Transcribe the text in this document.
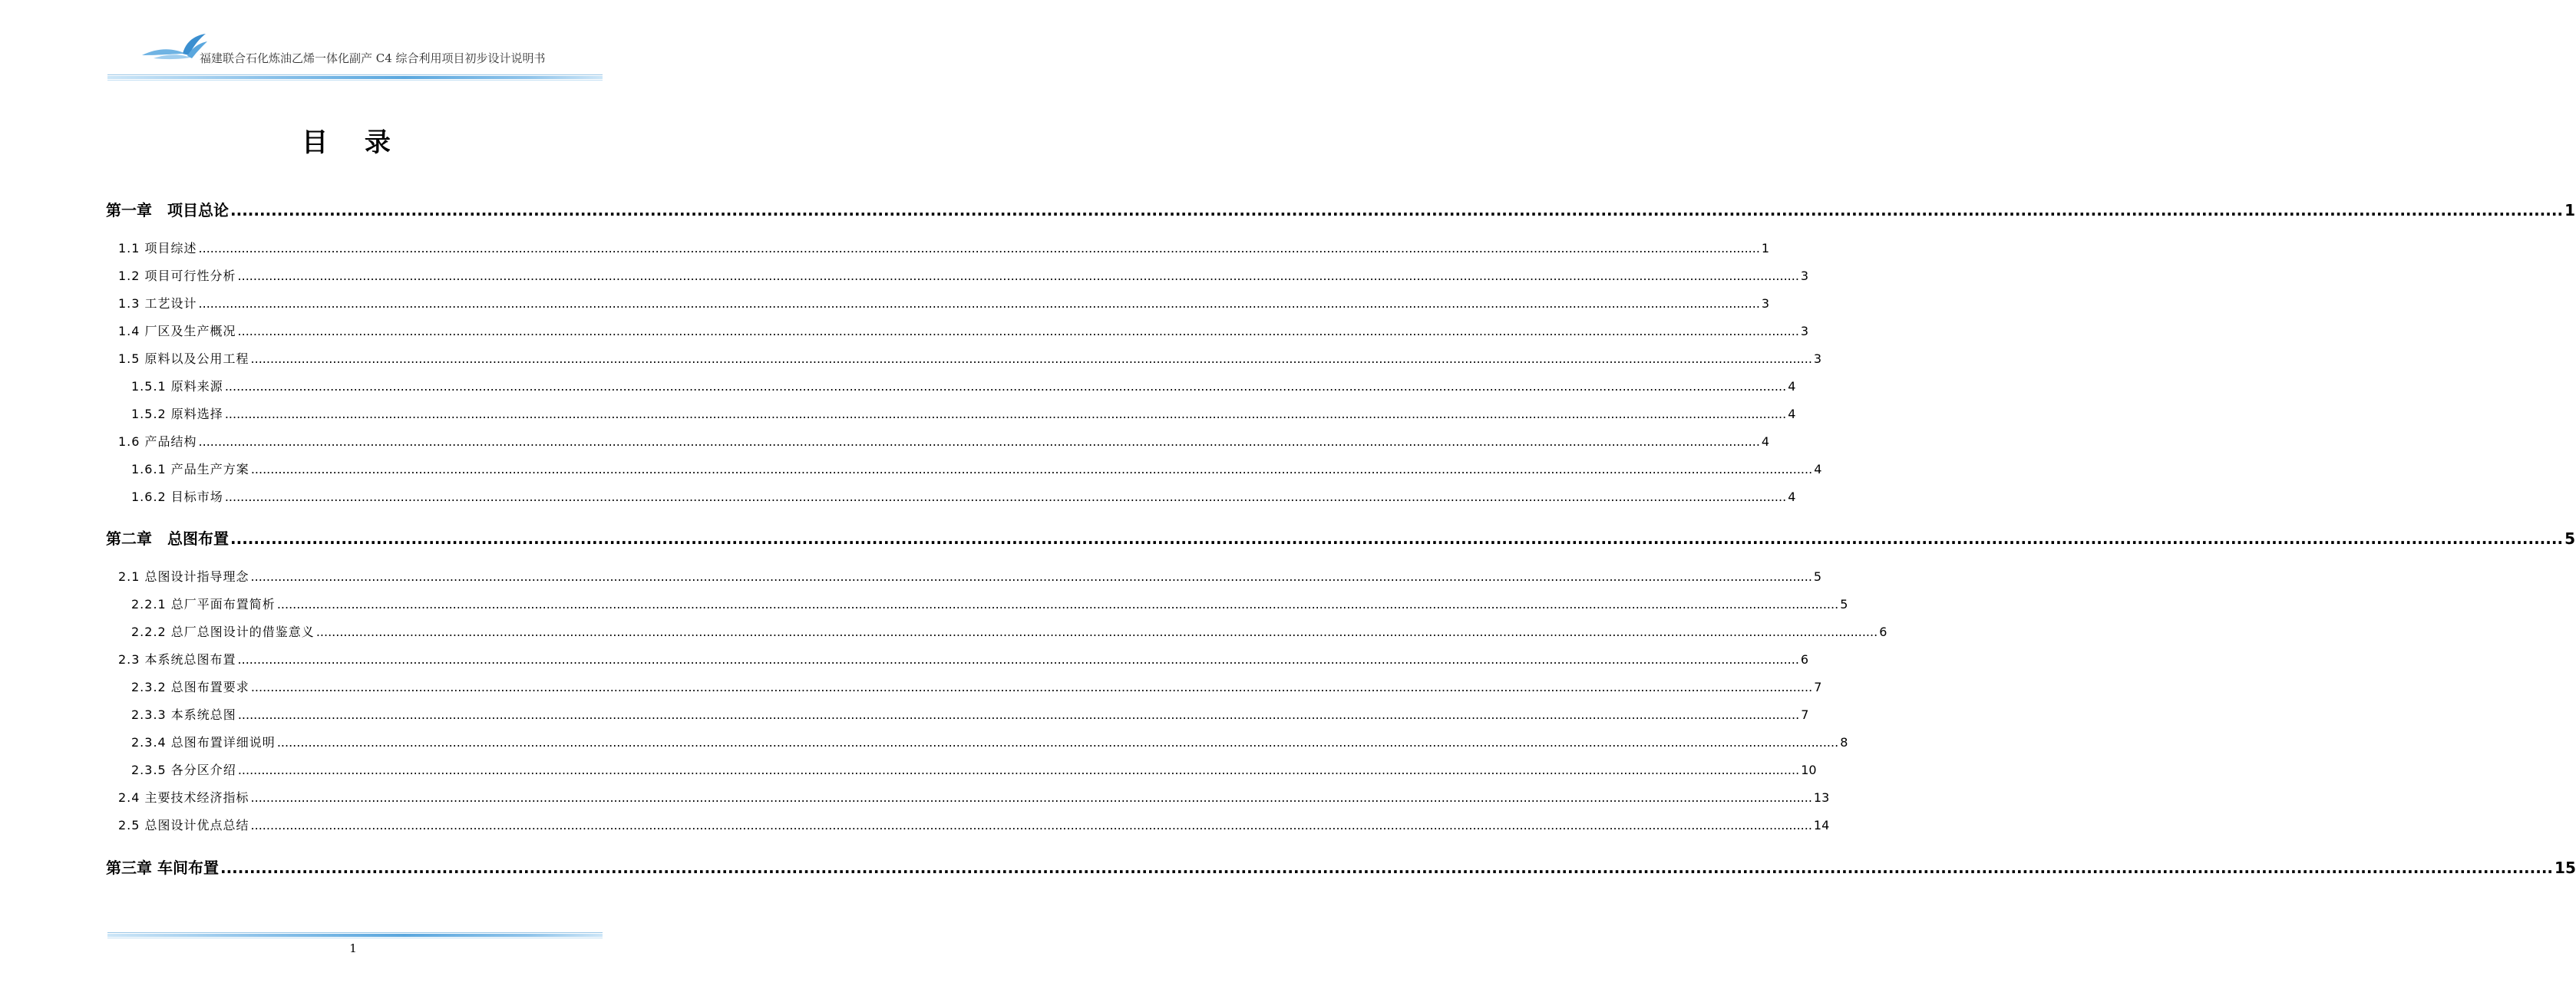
福建联合石化炼油乙烯一体化副产 C4 综合利用项目初步设计说明书
目 录
第一章　项目总论 ................................................................................................................................................................................................................................................................................................................................................................................................................ 1
1.1 项目综述 ................................................................................................................................................................................................................................................................................................................................................................................................................ 1
1.2 项目可行性分析 ................................................................................................................................................................................................................................................................................................................................................................................................................ 3
1.3 工艺设计 ................................................................................................................................................................................................................................................................................................................................................................................................................ 3
1.4 厂区及生产概况 ................................................................................................................................................................................................................................................................................................................................................................................................................ 3
1.5 原料以及公用工程 ................................................................................................................................................................................................................................................................................................................................................................................................................ 3
1.5.1 原料来源 ................................................................................................................................................................................................................................................................................................................................................................................................................ 4
1.5.2 原料选择 ................................................................................................................................................................................................................................................................................................................................................................................................................ 4
1.6 产品结构 ................................................................................................................................................................................................................................................................................................................................................................................................................ 4
1.6.1 产品生产方案 ................................................................................................................................................................................................................................................................................................................................................................................................................ 4
1.6.2 目标市场 ................................................................................................................................................................................................................................................................................................................................................................................................................ 4
第二章　总图布置 ................................................................................................................................................................................................................................................................................................................................................................................................................ 5
2.1 总图设计指导理念 ................................................................................................................................................................................................................................................................................................................................................................................................................ 5
2.2.1 总厂平面布置简析 ................................................................................................................................................................................................................................................................................................................................................................................................................ 5
2.2.2 总厂总图设计的借鉴意义 ................................................................................................................................................................................................................................................................................................................................................................................................................ 6
2.3 本系统总图布置 ................................................................................................................................................................................................................................................................................................................................................................................................................ 6
2.3.2 总图布置要求 ................................................................................................................................................................................................................................................................................................................................................................................................................ 7
2.3.3 本系统总图 ................................................................................................................................................................................................................................................................................................................................................................................................................ 7
2.3.4 总图布置详细说明 ................................................................................................................................................................................................................................................................................................................................................................................................................ 8
2.3.5 各分区介绍 ................................................................................................................................................................................................................................................................................................................................................................................................................ 10
2.4 主要技术经济指标 ................................................................................................................................................................................................................................................................................................................................................................................................................ 13
2.5 总图设计优点总结 ................................................................................................................................................................................................................................................................................................................................................................................................................ 14
第三章 车间布置 ................................................................................................................................................................................................................................................................................................................................................................................................................ 15
1
